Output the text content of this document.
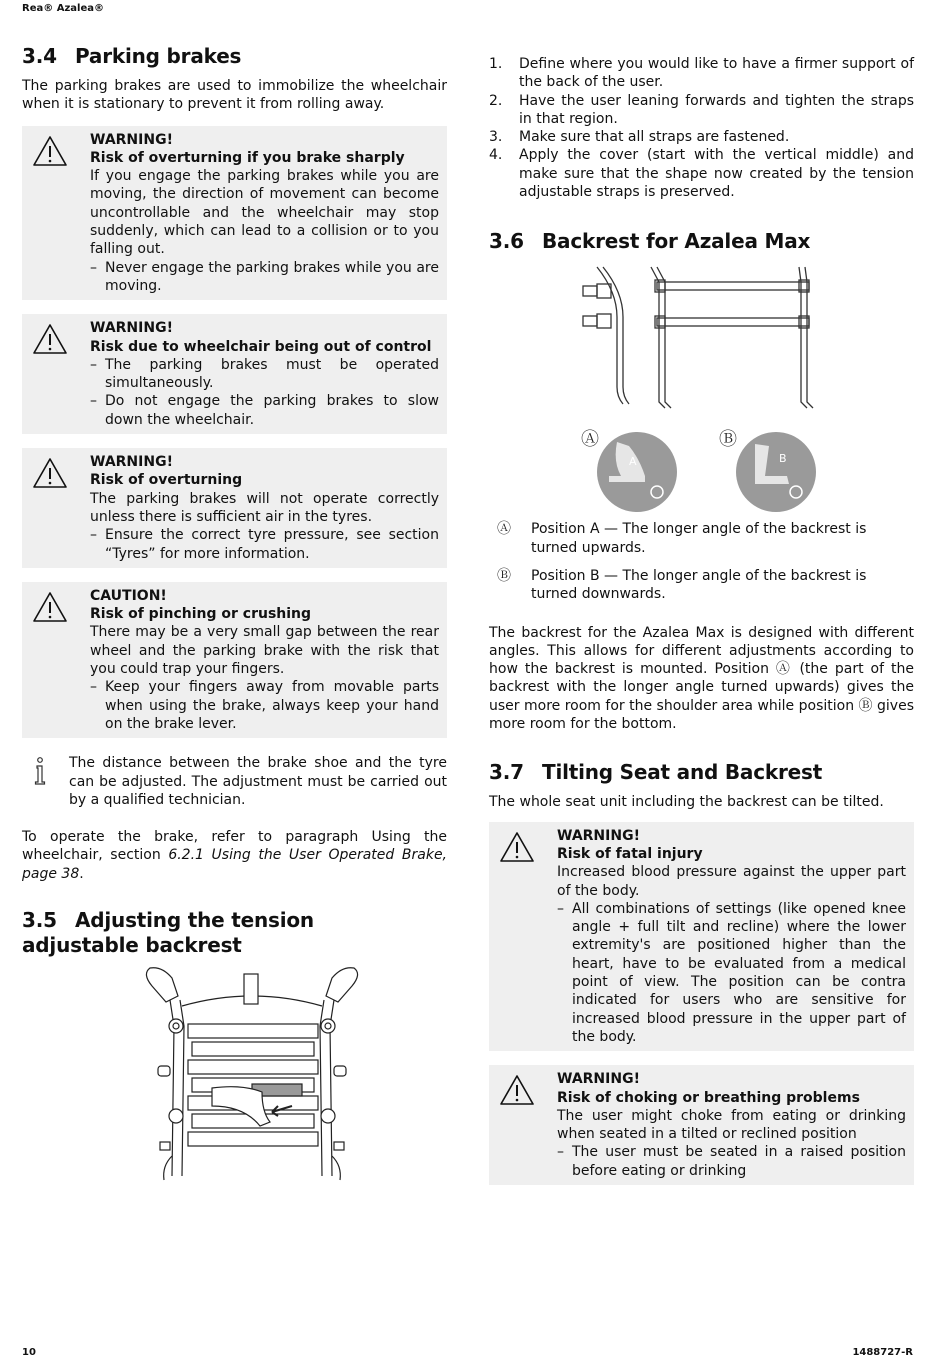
Rea® Azalea®
3.4 Parking brakes

The parking brakes are used to immobilize the wheelchair when it is stationary to prevent it from rolling away.

WARNING!
Risk of overturning if you brake sharply
If you engage the parking brakes while you are moving, the direction of movement can become uncontrollable and the wheelchair may stop suddenly, which can lead to a collision or to you falling out.
– Never engage the parking brakes while you are moving.
WARNING!
Risk due to wheelchair being out of control
– The parking brakes must be operated simultaneously.
– Do not engage the parking brakes to slow down the wheelchair.
WARNING!
Risk of overturning
The parking brakes will not operate correctly unless there is sufficient air in the tyres.
– Ensure the correct tyre pressure, see section “Tyres” for more information.
CAUTION!
Risk of pinching or crushing
There may be a very small gap between the rear wheel and the parking brake with the risk that you could trap your fingers.
– Keep your fingers away from movable parts when using the brake, always keep your hand on the brake lever.
The distance between the brake shoe and the tyre can be adjusted. The adjustment must be carried out by a qualified technician.

To operate the brake, refer to paragraph Using the wheelchair, section 6.2.1 Using the User Operated Brake, page 38.

3.5 Adjusting the tension adjustable backrest
1. Define where you would like to have a firmer support of the back of the user.
2. Have the user leaning forwards and tighten the straps in that region.
3. Make sure that all straps are fastened.
4. Apply the cover (start with the vertical middle) and make sure that the shape now created by the tension adjustable straps is preserved.
3.6 Backrest for Azalea Max
Ⓐ	Ⓑ
A	B
Ⓐ Position A — The longer angle of the backrest is turned upwards.
Ⓑ Position B — The longer angle of the backrest is turned downwards.

The backrest for the Azalea Max is designed with different angles. This allows for different adjustments according to how the backrest is mounted. Position Ⓐ (the part of the backrest with the longer angle turned upwards) gives the user more room for the shoulder area while position Ⓑ gives more room for the bottom.

3.7 Tilting Seat and Backrest

The whole seat unit including the backrest can be tilted.

WARNING!
Risk of fatal injury
Increased blood pressure against the upper part of the body.
– All combinations of settings (like opened knee angle + full tilt and recline) where the lower extremity's are positioned higher than the heart, have to be evaluated from a medical point of view. The position can be contra indicated for users who are sensitive for increased blood pressure in the upper part of the body.
WARNING!
Risk of choking or breathing problems
The user might choke from eating or drinking when seated in a tilted or reclined position
– The user must be seated in a raised position before eating or drinking
10	1488727-R
